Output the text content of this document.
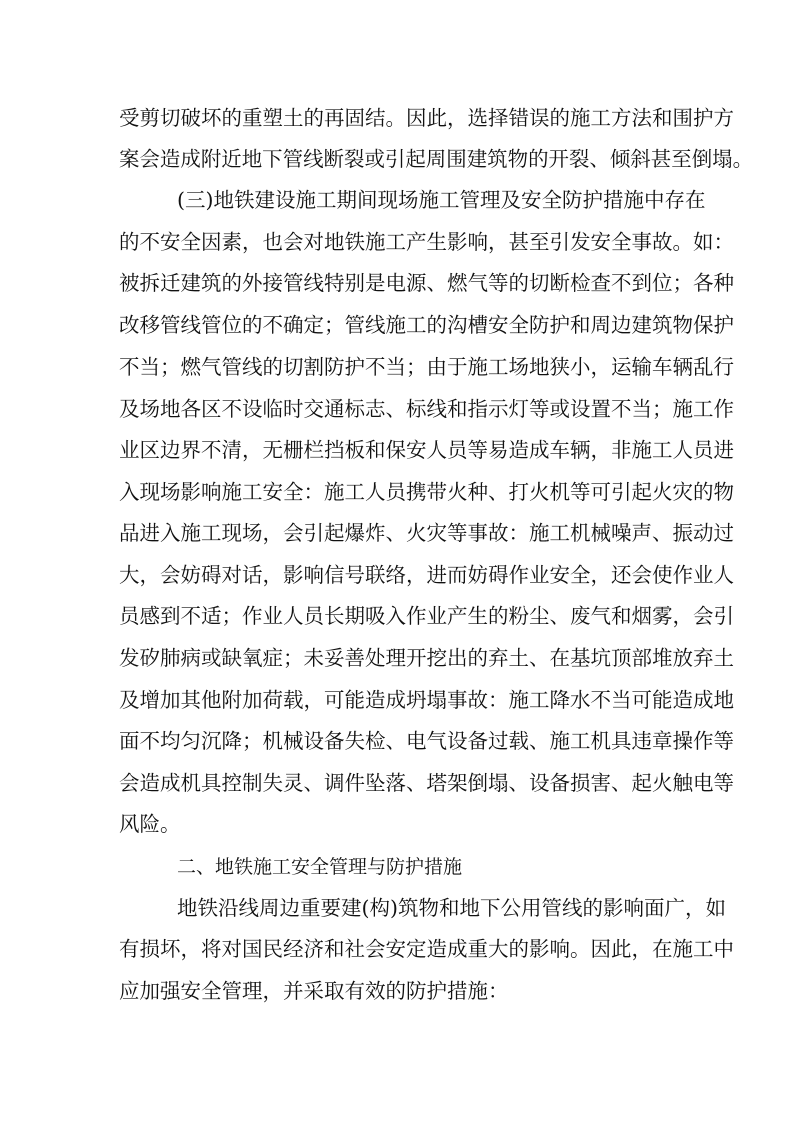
受剪切破坏的重塑土的再固结。因此，选择错误的施工方法和围护方
案会造成附近地下管线断裂或引起周围建筑物的开裂、倾斜甚至倒塌。
(三)地铁建设施工期间现场施工管理及安全防护措施中存在
的不安全因素，也会对地铁施工产生影响，甚至引发安全事故。如：
被拆迁建筑的外接管线特别是电源、燃气等的切断检查不到位；各种
改移管线管位的不确定；管线施工的沟槽安全防护和周边建筑物保护
不当；燃气管线的切割防护不当；由于施工场地狭小，运输车辆乱行
及场地各区不设临时交通标志、标线和指示灯等或设置不当；施工作
业区边界不清，无栅栏挡板和保安人员等易造成车辆，非施工人员进
入现场影响施工安全：施工人员携带火种、打火机等可引起火灾的物
品进入施工现场，会引起爆炸、火灾等事故：施工机械噪声、振动过
大，会妨碍对话，影响信号联络，进而妨碍作业安全，还会使作业人
员感到不适；作业人员长期吸入作业产生的粉尘、废气和烟雾，会引
发矽肺病或缺氧症；未妥善处理开挖出的弃土、在基坑顶部堆放弃土
及增加其他附加荷载，可能造成坍塌事故：施工降水不当可能造成地
面不均匀沉降；机械设备失检、电气设备过载、施工机具违章操作等
会造成机具控制失灵、调件坠落、塔架倒塌、设备损害、起火触电等
风险。
二、地铁施工安全管理与防护措施
地铁沿线周边重要建(构)筑物和地下公用管线的影响面广，如
有损坏，将对国民经济和社会安定造成重大的影响。因此，在施工中
应加强安全管理，并采取有效的防护措施：
